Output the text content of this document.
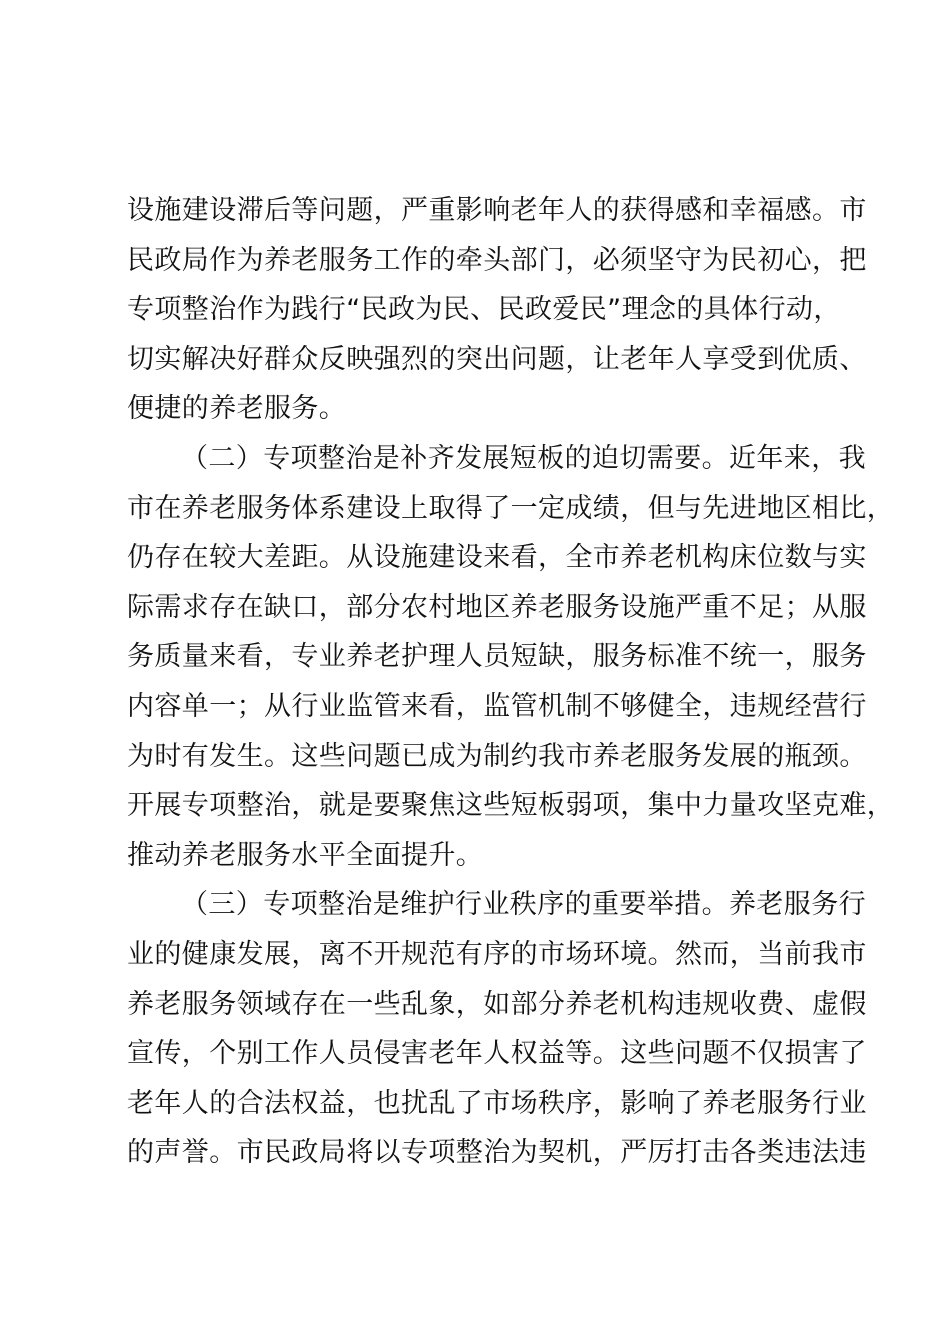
设施建设滞后等问题，严重影响老年人的获得感和幸福感。市
民政局作为养老服务工作的牵头部门，必须坚守为民初心，把
专项整治作为践行“民政为民、民政爱民”理念的具体行动，
切实解决好群众反映强烈的突出问题，让老年人享受到优质、
便捷的养老服务。
（二）专项整治是补齐发展短板的迫切需要。近年来，我
市在养老服务体系建设上取得了一定成绩，但与先进地区相比，
仍存在较大差距。从设施建设来看，全市养老机构床位数与实
际需求存在缺口，部分农村地区养老服务设施严重不足；从服
务质量来看，专业养老护理人员短缺，服务标准不统一，服务
内容单一；从行业监管来看，监管机制不够健全，违规经营行
为时有发生。这些问题已成为制约我市养老服务发展的瓶颈。
开展专项整治，就是要聚焦这些短板弱项，集中力量攻坚克难，
推动养老服务水平全面提升。
（三）专项整治是维护行业秩序的重要举措。养老服务行
业的健康发展，离不开规范有序的市场环境。然而，当前我市
养老服务领域存在一些乱象，如部分养老机构违规收费、虚假
宣传，个别工作人员侵害老年人权益等。这些问题不仅损害了
老年人的合法权益，也扰乱了市场秩序，影响了养老服务行业
的声誉。市民政局将以专项整治为契机，严厉打击各类违法违
